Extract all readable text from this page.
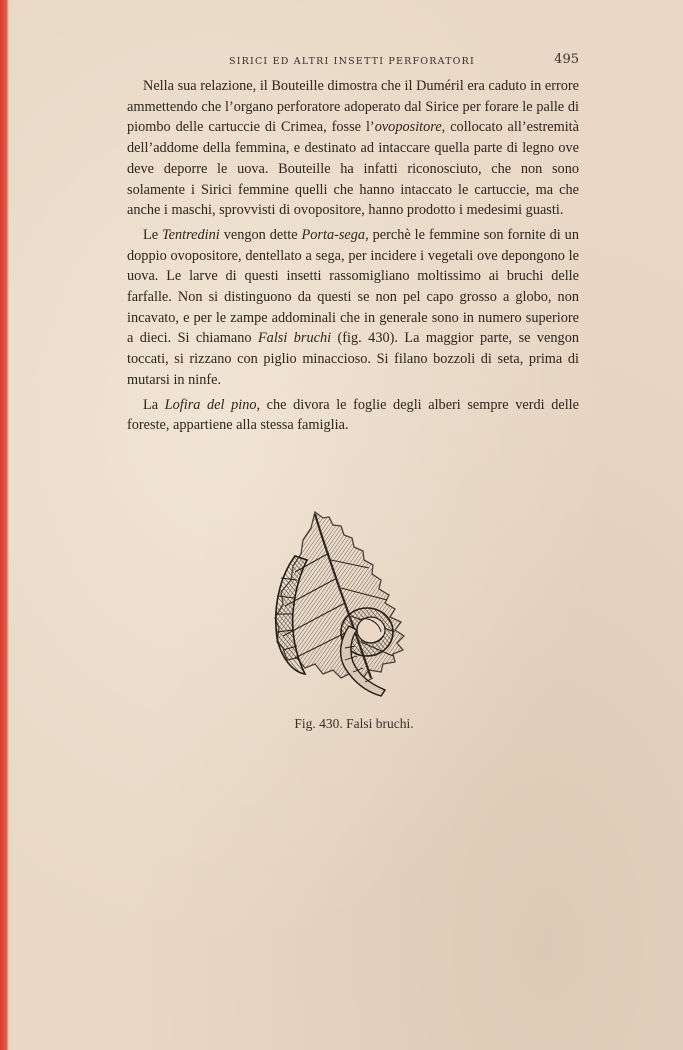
SIRICI ED ALTRI INSETTI PERFORATORI	495

Nella sua relazione, il Bouteille dimostra che il Duméril era caduto in errore ammettendo che l’organo perforatore adoperato dal Sirice per forare le palle di piombo delle cartuccie di Crimea, fosse l’ovopositore, collocato all’estremità dell’addome della femmina, e destinato ad intaccare quella parte di legno ove deve deporre le uova. Bouteille ha infatti riconosciuto, che non sono solamente i Sirici femmine quelli che hanno intaccato le cartuccie, ma che anche i maschi, sprovvisti di ovopositore, hanno prodotto i medesimi guasti.

Le Tentredini vengon dette Porta-sega, perchè le femmine son fornite di un doppio ovopositore, dentellato a sega, per incidere i vegetali ove depongono le uova. Le larve di questi insetti rassomigliano moltissimo ai bruchi delle farfalle. Non si distinguono da questi se non pel capo grosso a globo, non incavato, e per le zampe addominali che in generale sono in numero superiore a dieci. Si chiamano Falsi bruchi (fig. 430). La maggior parte, se vengon toccati, si rizzano con piglio minaccioso. Si filano bozzoli di seta, prima di mutarsi in ninfe.

La Lofira del pino, che divora le foglie degli alberi sempre verdi delle foreste, appartiene alla stessa famiglia.

Fig. 430. Falsi bruchi.
